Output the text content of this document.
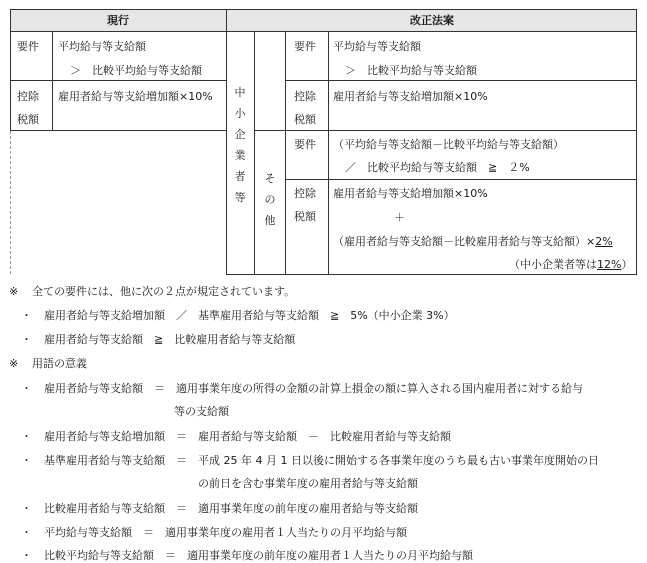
現行	改正法案
要件 平均給与等支給額
＞　比較平均給与等支給額
控除
税額
雇用者給与等支給増加額×10% 中
小
企
業
者
等
そ
の
他
要件 平均給与等支給額
＞　比較平均給与等支給額
控除
税額
雇用者給与等支給増加額×10%
要件 （平均給与等支給額－比較平均給与等支給額）
／　比較平均給与等支給額　≧　２%
控除
税額
雇用者給与等支給増加額×10%
＋
（雇用者給与等支給額－比較雇用者給与等支給額）×2%
（中小企業者等は12%）
※ 全ての要件には、他に次の２点が規定されています。
・ 雇用者給与等支給増加額　／　基準雇用者給与等支給額　≧　5%（中小企業 3%）
・ 雇用者給与等支給額　≧　比較雇用者給与等支給額
※ 用語の意義
・ 雇用者給与等支給額　＝　適用事業年度の所得の金額の計算上損金の額に算入される国内雇用者に対する給与
等の支給額
・ 雇用者給与等支給増加額　＝　雇用者給与等支給額　－　比較雇用者給与等支給額
・ 基準雇用者給与等支給額　＝　平成 25 年 4 月 1 日以後に開始する各事業年度のうち最も古い事業年度開始の日
の前日を含む事業年度の雇用者給与等支給額
・ 比較雇用者給与等支給額　＝　適用事業年度の前年度の雇用者給与等支給額
・ 平均給与等支給額　＝　適用事業年度の雇用者１人当たりの月平均給与額
・ 比較平均給与等支給額　＝　適用事業年度の前年度の雇用者１人当たりの月平均給与額
